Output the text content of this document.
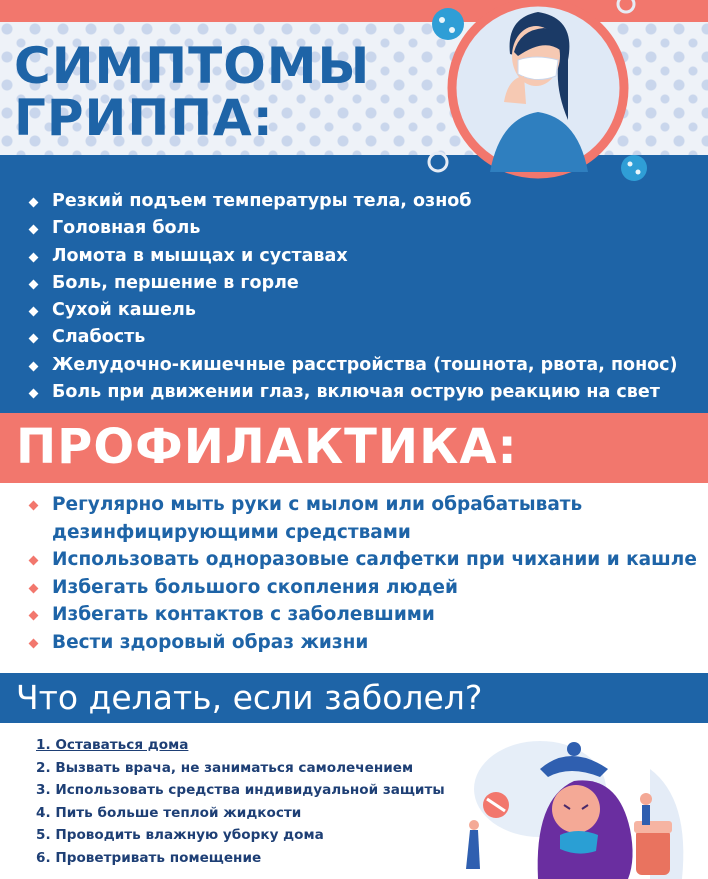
СИМПТОМЫ
ГРИППА:
Резкий подъем температуры тела, озноб
Головная боль
Ломота в мышцах и суставах
Боль, першение в горле
Сухой кашель
Слабость
Желудочно-кишечные расстройства (тошнота, рвота, понос)
Боль при движении глаз, включая острую реакцию на свет
ПРОФИЛАКТИКА:
Регулярно мыть руки с мылом или обрабатывать дезинфицирующими средствами
Использовать одноразовые салфетки при чихании и кашле
Избегать большого скопления людей
Избегать контактов с заболевшими
Вести здоровый образ жизни
Что делать, если заболел?
1. Оставаться дома
2. Вызвать врача, не заниматься самолечением
3. Использовать средства индивидуальной защиты
4. Пить больше теплой жидкости
5. Проводить влажную уборку дома
6. Проветривать помещение
